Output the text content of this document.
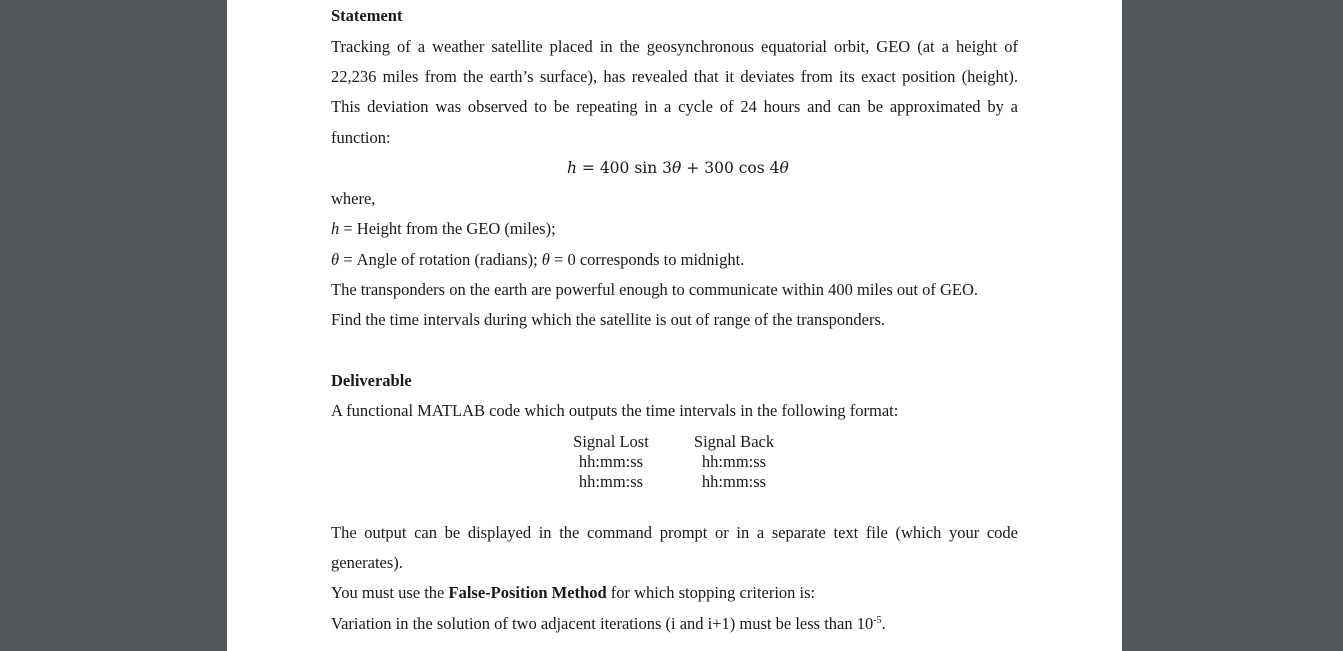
Statement
Tracking of a weather satellite placed in the geosynchronous equatorial orbit, GEO (at a height of
22,236 miles from the earth’s surface), has revealed that it deviates from its exact position (height).
This deviation was observed to be repeating in a cycle of 24 hours and can be approximated by a
function:
h = 400 sin 3θ + 300 cos 4θ
where,
h = Height from the GEO (miles);
θ = Angle of rotation (radians); θ = 0 corresponds to midnight.
The transponders on the earth are powerful enough to communicate within 400 miles out of GEO.
Find the time intervals during which the satellite is out of range of the transponders.
Deliverable
A functional MATLAB code which outputs the time intervals in the following format:
Signal Lost	Signal Back
hh:mm:ss	hh:mm:ss
hh:mm:ss	hh:mm:ss
The output can be displayed in the command prompt or in a separate text file (which your code
generates).
You must use the False-Position Method for which stopping criterion is:
Variation in the solution of two adjacent iterations (i and i+1) must be less than $10^{-5}$.
